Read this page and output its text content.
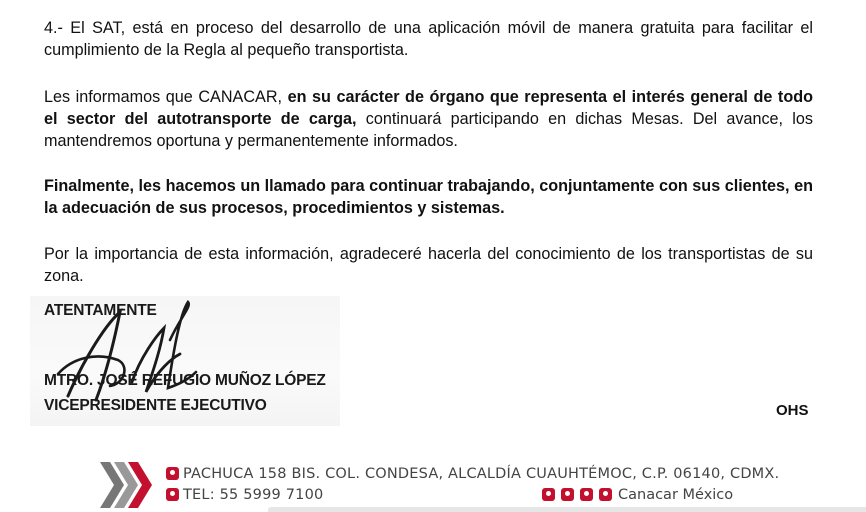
4.- El SAT, está en proceso del desarrollo de una aplicación móvil de manera gratuita para facilitar el cumplimiento de la Regla al pequeño transportista.
Les informamos que CANACAR, en su carácter de órgano que representa el interés general de todo el sector del autotransporte de carga, continuará participando en dichas Mesas. Del avance, los mantendremos oportuna y permanentemente informados.
Finalmente, les hacemos un llamado para continuar trabajando, conjuntamente con sus clientes, en la adecuación de sus procesos, procedimientos y sistemas.
Por la importancia de esta información, agradeceré hacerla del conocimiento de los transportistas de su zona.
ATENTAMENTE
MTRO. JOSÉ REFUGIO MUÑOZ LÓPEZ
VICEPRESIDENTE EJECUTIVO	OHS
PACHUCA 158 BIS. COL. CONDESA, ALCALDÍA CUAUHTÉMOC, C.P. 06140, CDMX.
TEL: 55 5999 7100	Canacar México
